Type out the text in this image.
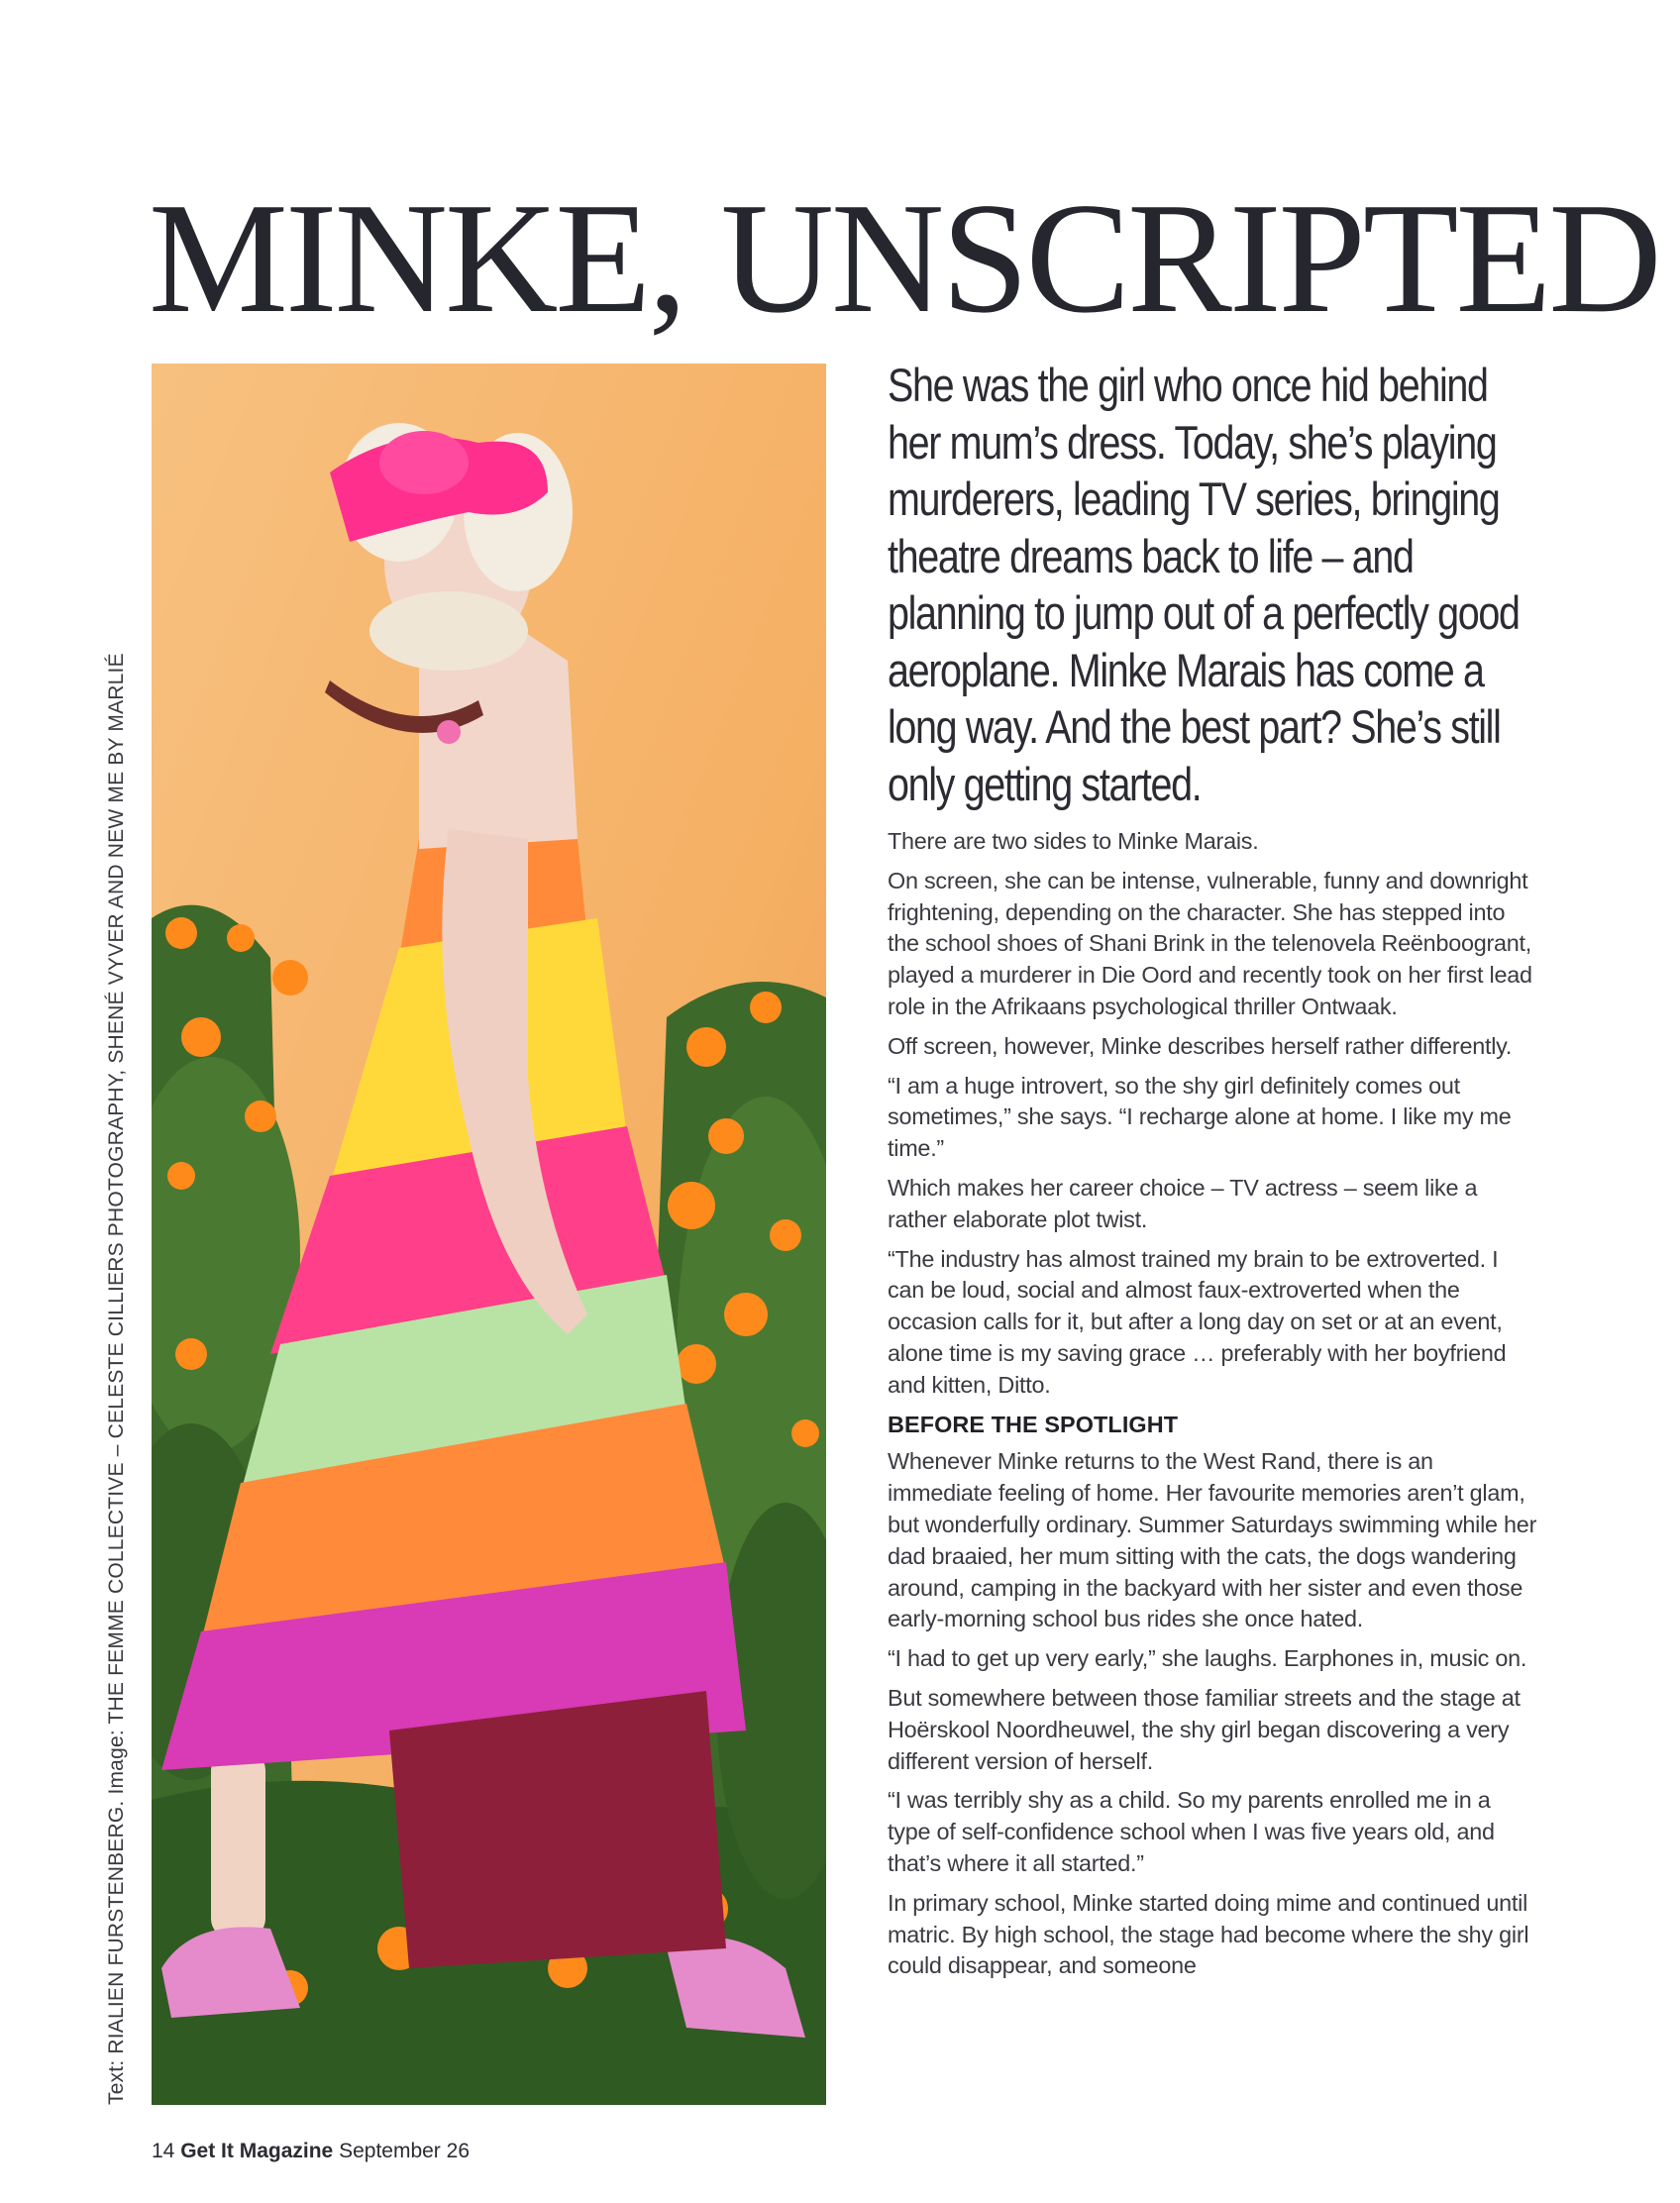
MINKE, UNSCRIPTED
Text: RIALIEN FURSTENBERG. Image: THE FEMME COLLECTIVE – CELESTE CILLIERS PHOTOGRAPHY, SHENÉ VYVER AND NEW ME BY MARLIÉ

She was the girl who once hid behind her mum’s dress. Today, she’s playing murderers, leading TV series, bringing theatre dreams back to life – and planning to jump out of a perfectly good aeroplane. Minke Marais has come a long way. And the best part? She’s still only getting started.

There are two sides to Minke Marais.

On screen, she can be intense, vulnerable, funny and downright frightening, depending on the character. She has stepped into the school shoes of Shani Brink in the telenovela Reënboogrant, played a murderer in Die Oord and recently took on her first lead role in the Afrikaans psychological thriller Ontwaak.

Off screen, however, Minke describes herself rather differently.

“I am a huge introvert, so the shy girl definitely comes out sometimes,” she says. “I recharge alone at home. I like my me time.”

Which makes her career choice – TV actress – seem like a rather elaborate plot twist.

“The industry has almost trained my brain to be extroverted. I can be loud, social and almost faux-extroverted when the occasion calls for it, but after a long day on set or at an event, alone time is my saving grace … preferably with her boyfriend and kitten, Ditto.

BEFORE THE SPOTLIGHT

Whenever Minke returns to the West Rand, there is an immediate feeling of home. Her favourite memories aren’t glam, but wonderfully ordinary. Summer Saturdays swimming while her dad braaied, her mum sitting with the cats, the dogs wandering around, camping in the backyard with her sister and even those early-morning school bus rides she once hated.

“I had to get up very early,” she laughs. Earphones in, music on.

But somewhere between those familiar streets and the stage at Hoërskool Noordheuwel, the shy girl began discovering a very different version of herself.

“I was terribly shy as a child. So my parents enrolled me in a type of self-confidence school when I was five years old, and that’s where it all started.”

In primary school, Minke started doing mime and continued until matric. By high school, the stage had become where the shy girl could disappear, and someone

14 Get It Magazine September 26
